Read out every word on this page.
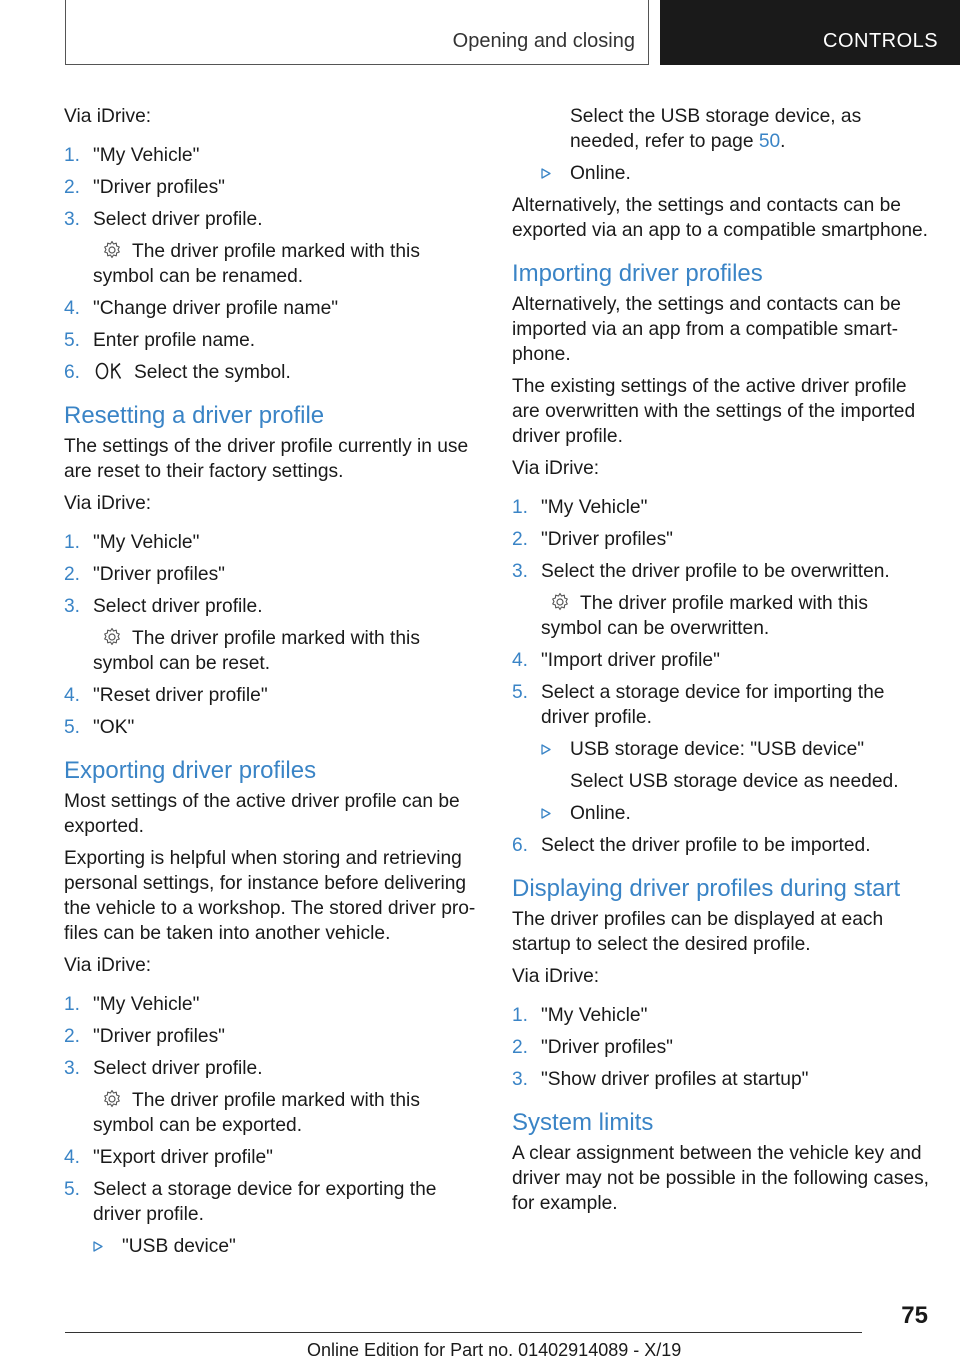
Opening and closing	CONTROLS
Via iDrive:
1. "My Vehicle"
2. "Driver profiles"
3. Select driver profile.
The driver profile marked with this symbol can be renamed.
4. "Change driver profile name"
5. Enter profile name.
6.	Select the symbol.
Resetting a driver profile
The settings of the driver profile currently in use are reset to their factory settings.
Via iDrive:
1. "My Vehicle"
2. "Driver profiles"
3. Select driver profile.
The driver profile marked with this symbol can be reset.
4. "Reset driver profile"
5. "OK"
Exporting driver profiles
Most settings of the active driver profile can be exported.
Exporting is helpful when storing and retrieving personal settings, for instance before delivering the vehicle to a workshop. The stored driver pro‐files can be taken into another vehicle.
Via iDrive:
1. "My Vehicle"
2. "Driver profiles"
3. Select driver profile.
The driver profile marked with this symbol can be exported.
4. "Export driver profile"
5. Select a storage device for exporting the driver profile.
"USB device"
Select the USB storage device, as needed, refer to page 50.
Online.
Alternatively, the settings and contacts can be exported via an app to a compatible smartphone.
Importing driver profiles
Alternatively, the settings and contacts can be imported via an app from a compatible smart‐phone.
The existing settings of the active driver profile are overwritten with the settings of the imported driver profile.
Via iDrive:
1. "My Vehicle"
2. "Driver profiles"
3. Select the driver profile to be overwritten.
The driver profile marked with this symbol can be overwritten.
4. "Import driver profile"
5. Select a storage device for importing the driver profile.
USB storage device: "USB device"
Select USB storage device as needed.
Online.
6. Select the driver profile to be imported.
Displaying driver profiles during start
The driver profiles can be displayed at each startup to select the desired profile.
Via iDrive:
1. "My Vehicle"
2. "Driver profiles"
3. "Show driver profiles at startup"
System limits
A clear assignment between the vehicle key and driver may not be possible in the following cases, for example.
75
Online Edition for Part no. 01402914089 - X/19
